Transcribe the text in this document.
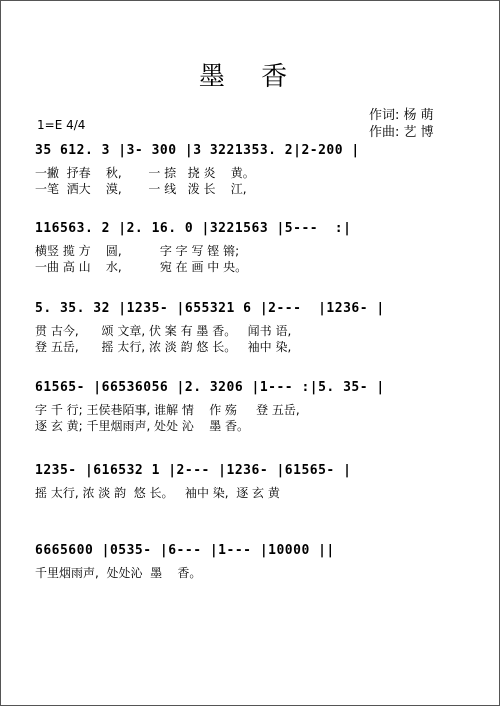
墨 香
1=E 4/4
作词: 杨 萌
作曲: 艺 博
35 612. 3 |3- 300 |3 3221353. 2|2-200 |
一撇  抒春    秋,       一 捺   挠 炎    黄。
一笔  洒大    漠,       一 线   泼 长    江,
116563. 2 |2. 16. 0 |3221563 |5---  :|
横竖 揽 方    圆,          字 字 写 铿 锵;
一曲 高 山    水,          宛 在 画 中 央。
5. 35. 32 |1235- |655321 6 |2---  |1236- |
贯 古今,      颂 文章, 伏 案 有 墨 香。   闻书 语,
登 五岳,      摇 太行, 浓 淡 韵 悠 长。   袖中 染,
61565- |66536056 |2. 3206 |1--- :|5. 35- |
字 千 行; 王侯巷陌事, 谁解 情    作 殇     登 五岳,
逐 玄 黄; 千里烟雨声, 处处 沁    墨 香。
1235- |616532 1 |2--- |1236- |61565- |
摇 太行, 浓 淡 韵  悠 长。   袖中 染,  逐 玄 黄
6665600 |0535- |6--- |1--- |10000 ||
千里烟雨声,  处处沁  墨    香。
